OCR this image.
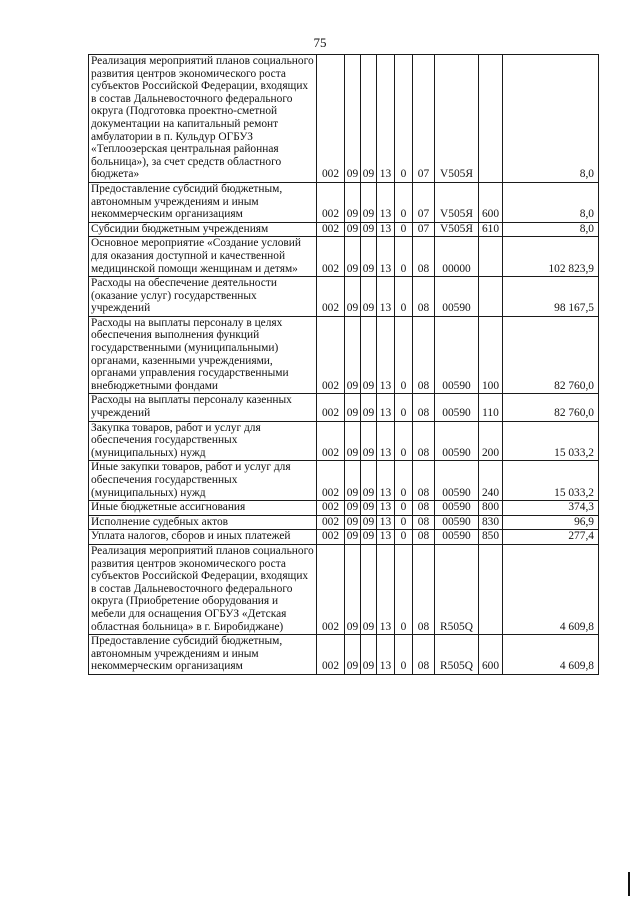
75
Реализация мероприятий планов социального развития центров экономического роста субъектов Российской Федерации, входящих в состав Дальневосточного федерального округа (Подготовка проектно-сметной документации на капитальный ремонт амбулатории в п. Кульдур ОГБУЗ «Теплоозерская центральная районная больница»), за счет средств областного бюджета»	002	09	09	13	0	07	V505Я		8,0
Предоставление субсидий бюджетным, автономным учреждениям и иным некоммерческим организациям	002	09	09	13	0	07	V505Я	600	8,0
Субсидии бюджетным учреждениям	002	09	09	13	0	07	V505Я	610	8,0
Основное мероприятие «Создание условий для оказания доступной и качественной медицинской помощи женщинам и детям»	002	09	09	13	0	08	00000		102 823,9
Расходы на обеспечение деятельности (оказание услуг) государственных учреждений	002	09	09	13	0	08	00590		98 167,5
Расходы на выплаты персоналу в целях обеспечения выполнения функций государственными (муниципальными) органами, казенными учреждениями, органами управления государственными внебюджетными фондами	002	09	09	13	0	08	00590	100	82 760,0
Расходы на выплаты персоналу казенных учреждений	002	09	09	13	0	08	00590	110	82 760,0
Закупка товаров, работ и услуг для обеспечения государственных (муниципальных) нужд	002	09	09	13	0	08	00590	200	15 033,2
Иные закупки товаров, работ и услуг для обеспечения государственных (муниципальных) нужд	002	09	09	13	0	08	00590	240	15 033,2
Иные бюджетные ассигнования	002	09	09	13	0	08	00590	800	374,3
Исполнение судебных актов	002	09	09	13	0	08	00590	830	96,9
Уплата налогов, сборов и иных платежей	002	09	09	13	0	08	00590	850	277,4
Реализация мероприятий планов социального развития центров экономического роста субъектов Российской Федерации, входящих в состав Дальневосточного федерального округа (Приобретение оборудования и мебели для оснащения ОГБУЗ «Детская областная больница» в г. Биробиджане)	002	09	09	13	0	08	R505Q		4 609,8
Предоставление субсидий бюджетным, автономным учреждениям и иным некоммерческим организациям	002	09	09	13	0	08	R505Q	600	4 609,8
